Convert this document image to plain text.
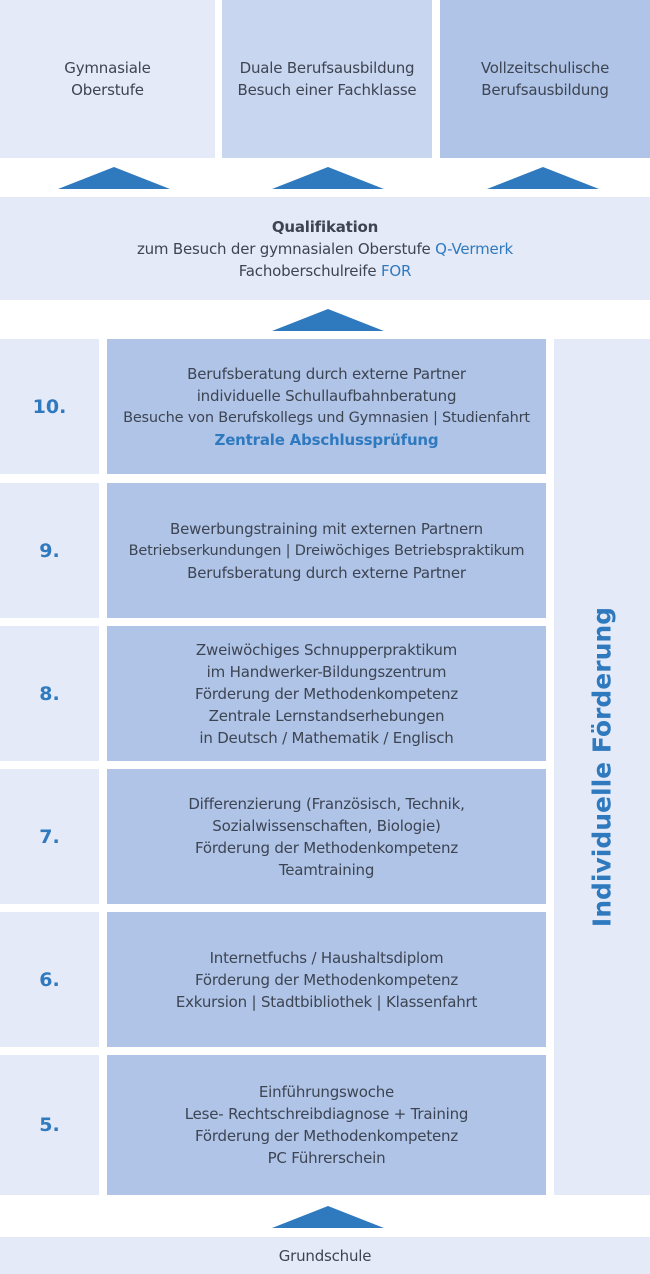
Gymnasiale
Oberstufe
Duale Berufsausbildung
Besuch einer Fachklasse
Vollzeitschulische
Berufsausbildung
Qualifikation
zum Besuch der gymnasialen Oberstufe Q-Vermerk
Fachoberschulreife FOR
10.
Berufsberatung durch externe Partner
individuelle Schullaufbahnberatung
Besuche von Berufskollegs und Gymnasien | Studienfahrt
Zentrale Abschlussprüfung
9.
Bewerbungstraining mit externen Partnern
Betriebserkundungen | Dreiwöchiges Betriebspraktikum
Berufsberatung durch externe Partner
8.
Zweiwöchiges Schnupperpraktikum
im Handwerker-Bildungszentrum
Förderung der Methodenkompetenz
Zentrale Lernstandserhebungen
in Deutsch / Mathematik / Englisch
7.
Differenzierung (Französisch, Technik,
Sozialwissenschaften, Biologie)
Förderung der Methodenkompetenz
Teamtraining
6.
Internetfuchs / Haushaltsdiplom
Förderung der Methodenkompetenz
Exkursion | Stadtbibliothek | Klassenfahrt
5.
Einführungswoche
Lese- Rechtschreibdiagnose + Training
Förderung der Methodenkompetenz
PC Führerschein
Individuelle Förderung
Grundschule
